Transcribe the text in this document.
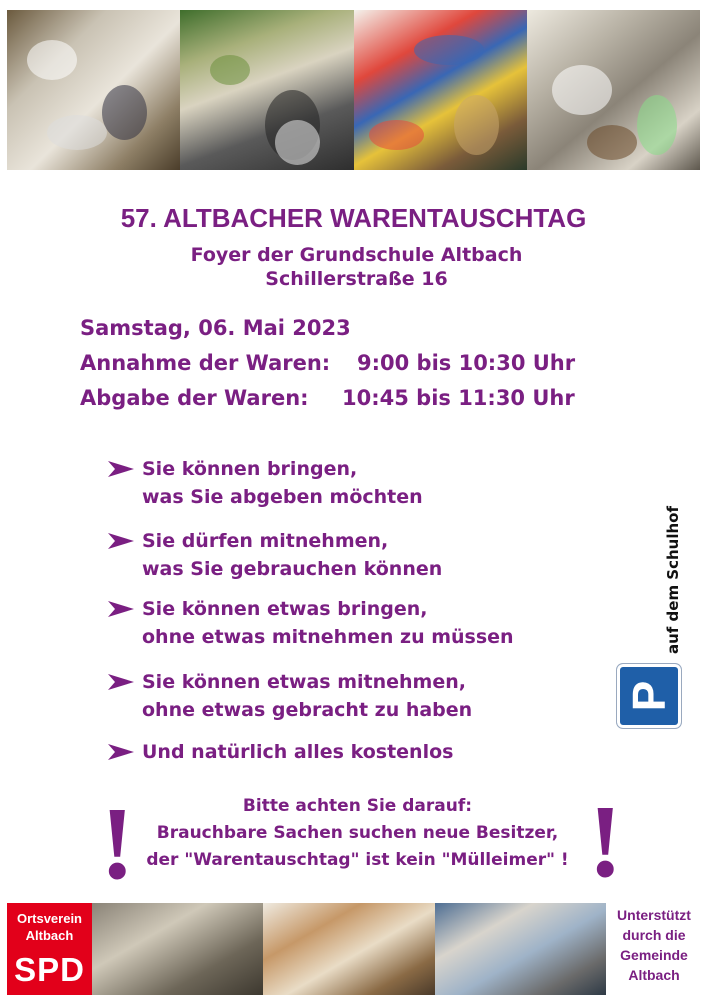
57. ALTBACHER WARENTAUSCHTAG
Foyer der Grundschule Altbach
Schillerstraße 16
Samstag, 06. Mai 2023
Annahme der Waren: 9:00 bis 10:30 Uhr
Abgabe der Waren: 10:45 bis 11:30 Uhr
Sie können bringen,
was Sie abgeben möchten
Sie dürfen mitnehmen,
was Sie gebrauchen können
Sie können etwas bringen,
ohne etwas mitnehmen zu müssen
Sie können etwas mitnehmen,
ohne etwas gebracht zu haben
Und natürlich alles kostenlos
auf dem Schulhof
P
!	!
Bitte achten Sie darauf:
Brauchbare Sachen suchen neue Besitzer,
der "Warentauschtag" ist kein "Mülleimer" !
Ortsverein
Altbach
SPD
Unterstützt
durch die
Gemeinde
Altbach
